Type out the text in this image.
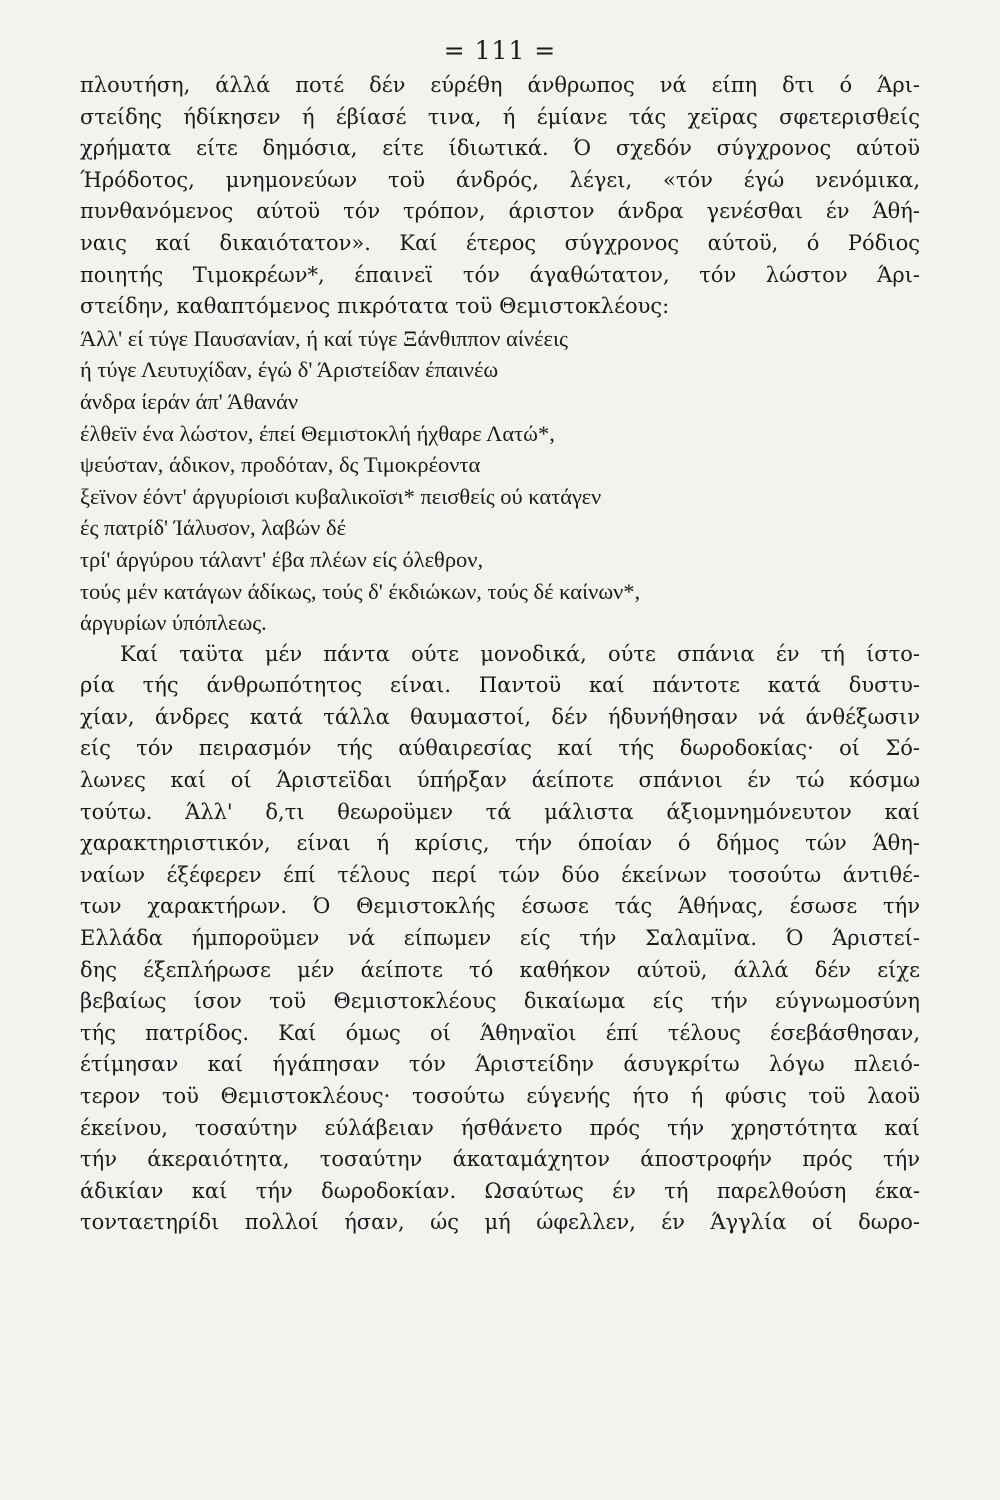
= 111 =
πλουτήση, άλλά ποτέ δέν εύρέθη άνθρωπος νά είπη δτι ό Άρι-
στείδης ήδίκησεν ή έβίασέ τινα, ή έμίανε τάς χεϊρας σφετερισθείς
χρήματα είτε δημόσια, είτε ίδιωτικά. Ό σχεδόν σύγχρονος αύτοϋ
Ήρόδοτος, μνημονεύων τοϋ άνδρός, λέγει, «τόν έγώ νενόμικα,
πυνθανόμενος αύτοϋ τόν τρόπον, άριστον άνδρα γενέσθαι έν Άθή-
ναις καί δικαιότατον». Καί έτερος σύγχρονος αύτοϋ, ό Ρόδιος
ποιητής Τιμοκρέων*, έπαινεϊ τόν άγαθώτατον, τόν λώστον Άρι-
στείδην, καθαπτόμενος πικρότατα τοϋ Θεμιστοκλέους:
Άλλ' εί τύγε Παυσανίαν, ή καί τύγε Ξάνθιππον αίνέεις
ή τύγε Λευτυχίδαν, έγώ δ' Άριστείδαν έπαινέω
άνδρα ίεράν άπ' Άθανάν
έλθεϊν ένα λώστον, έπεί Θεμιστοκλή ήχθαρε Λατώ*,
ψεύσταν, άδικον, προδόταν, δς Τιμοκρέοντα
ξεϊνον έόντ' άργυρίοισι κυβαλικοϊσι* πεισθείς ού κατάγεν
ές πατρίδ' Ίάλυσον, λαβών δέ
τρί' άργύρου τάλαντ' έβα πλέων είς όλεθρον,
τούς μέν κατάγων άδίκως, τούς δ' έκδιώκων, τούς δέ καίνων*,
άργυρίων ύπόπλεως.
Καί ταϋτα μέν πάντα ούτε μονοδικά, ούτε σπάνια έν τή ίστο-
ρία τής άνθρωπότητος είναι. Παντοϋ καί πάντοτε κατά δυστυ-
χίαν, άνδρες κατά τάλλα θαυμαστοί, δέν ήδυνήθησαν νά άνθέξωσιν
είς τόν πειρασμόν τής αύθαιρεσίας καί τής δωροδοκίας· οί Σό-
λωνες καί οί Άριστεϊδαι ύπήρξαν άείποτε σπάνιοι έν τώ κόσμω
τούτω. Άλλ' δ,τι θεωροϋμεν τά μάλιστα άξιομνημόνευτον καί
χαρακτηριστικόν, είναι ή κρίσις, τήν όποίαν ό δήμος τών Άθη-
ναίων έξέφερεν έπί τέλους περί τών δύο έκείνων τοσούτω άντιθέ-
των χαρακτήρων. Ό Θεμιστοκλής έσωσε τάς Άθήνας, έσωσε τήν
Ελλάδα ήμποροϋμεν νά είπωμεν είς τήν Σαλαμϊνα. Ό Άριστεί-
δης έξεπλήρωσε μέν άείποτε τό καθήκον αύτοϋ, άλλά δέν είχε
βεβαίως ίσον τοϋ Θεμιστοκλέους δικαίωμα είς τήν εύγνωμοσύνη
τής πατρίδος. Καί όμως οί Άθηναϊοι έπί τέλους έσεβάσθησαν,
έτίμησαν καί ήγάπησαν τόν Άριστείδην άσυγκρίτω λόγω πλειό-
τερον τοϋ Θεμιστοκλέους· τοσούτω εύγενής ήτο ή φύσις τοϋ λαοϋ
έκείνου, τοσαύτην εύλάβειαν ήσθάνετο πρός τήν χρηστότητα καί
τήν άκεραιότητα, τοσαύτην άκαταμάχητον άποστροφήν πρός τήν
άδικίαν καί τήν δωροδοκίαν. Ωσαύτως έν τή παρελθούση έκα-
τονταετηρίδι πολλοί ήσαν, ώς μή ώφελλεν, έν Άγγλία οί δωρο-
